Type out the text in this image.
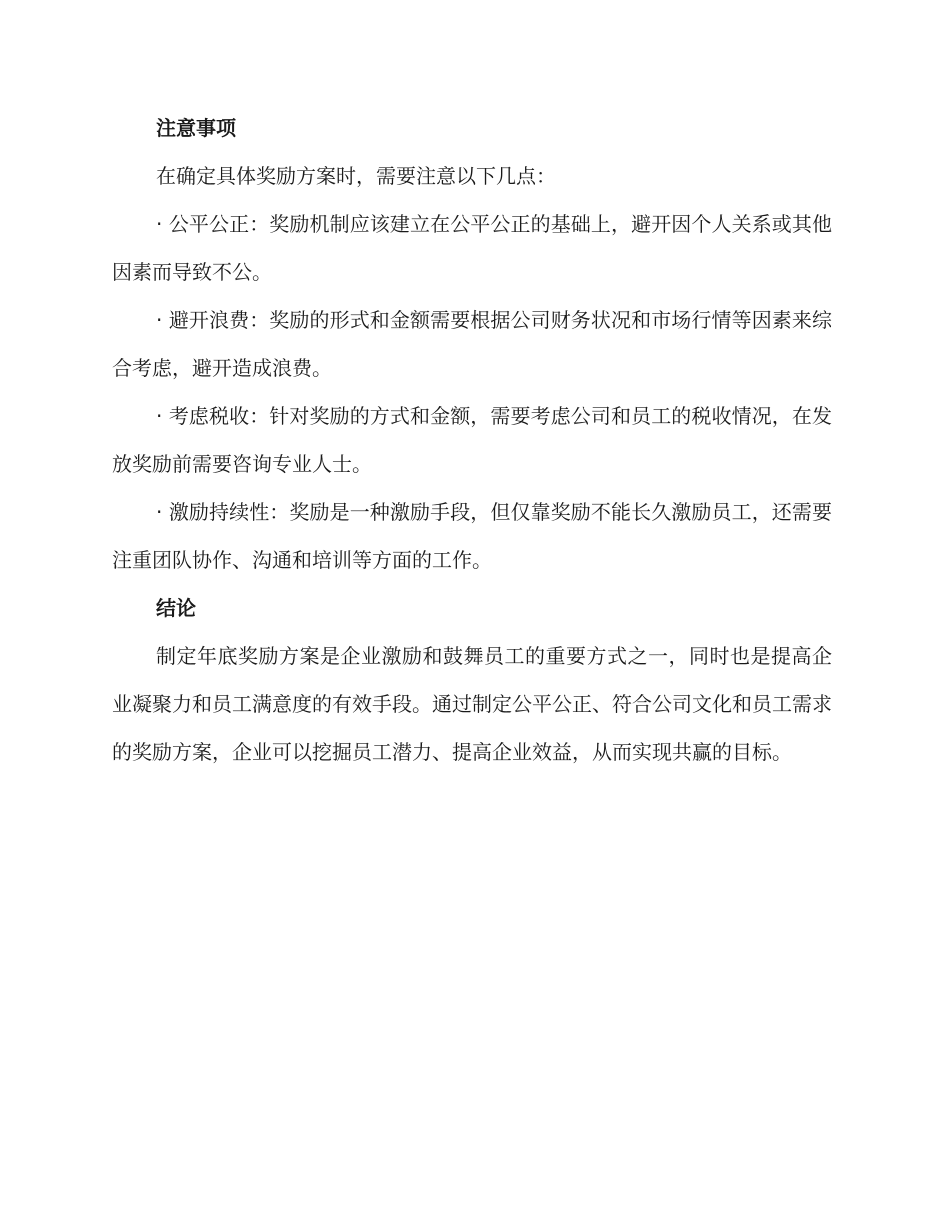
注意事项

在确定具体奖励方案时，需要注意以下几点：

· 公平公正：奖励机制应该建立在公平公正的基础上，避开因个人关系或其他因素而导致不公。

· 避开浪费：奖励的形式和金额需要根据公司财务状况和市场行情等因素来综合考虑，避开造成浪费。

· 考虑税收：针对奖励的方式和金额，需要考虑公司和员工的税收情况，在发放奖励前需要咨询专业人士。

· 激励持续性：奖励是一种激励手段，但仅靠奖励不能长久激励员工，还需要注重团队协作、沟通和培训等方面的工作。

结论

制定年底奖励方案是企业激励和鼓舞员工的重要方式之一，同时也是提高企业凝聚力和员工满意度的有效手段。通过制定公平公正、符合公司文化和员工需求的奖励方案，企业可以挖掘员工潜力、提高企业效益，从而实现共赢的目标。
